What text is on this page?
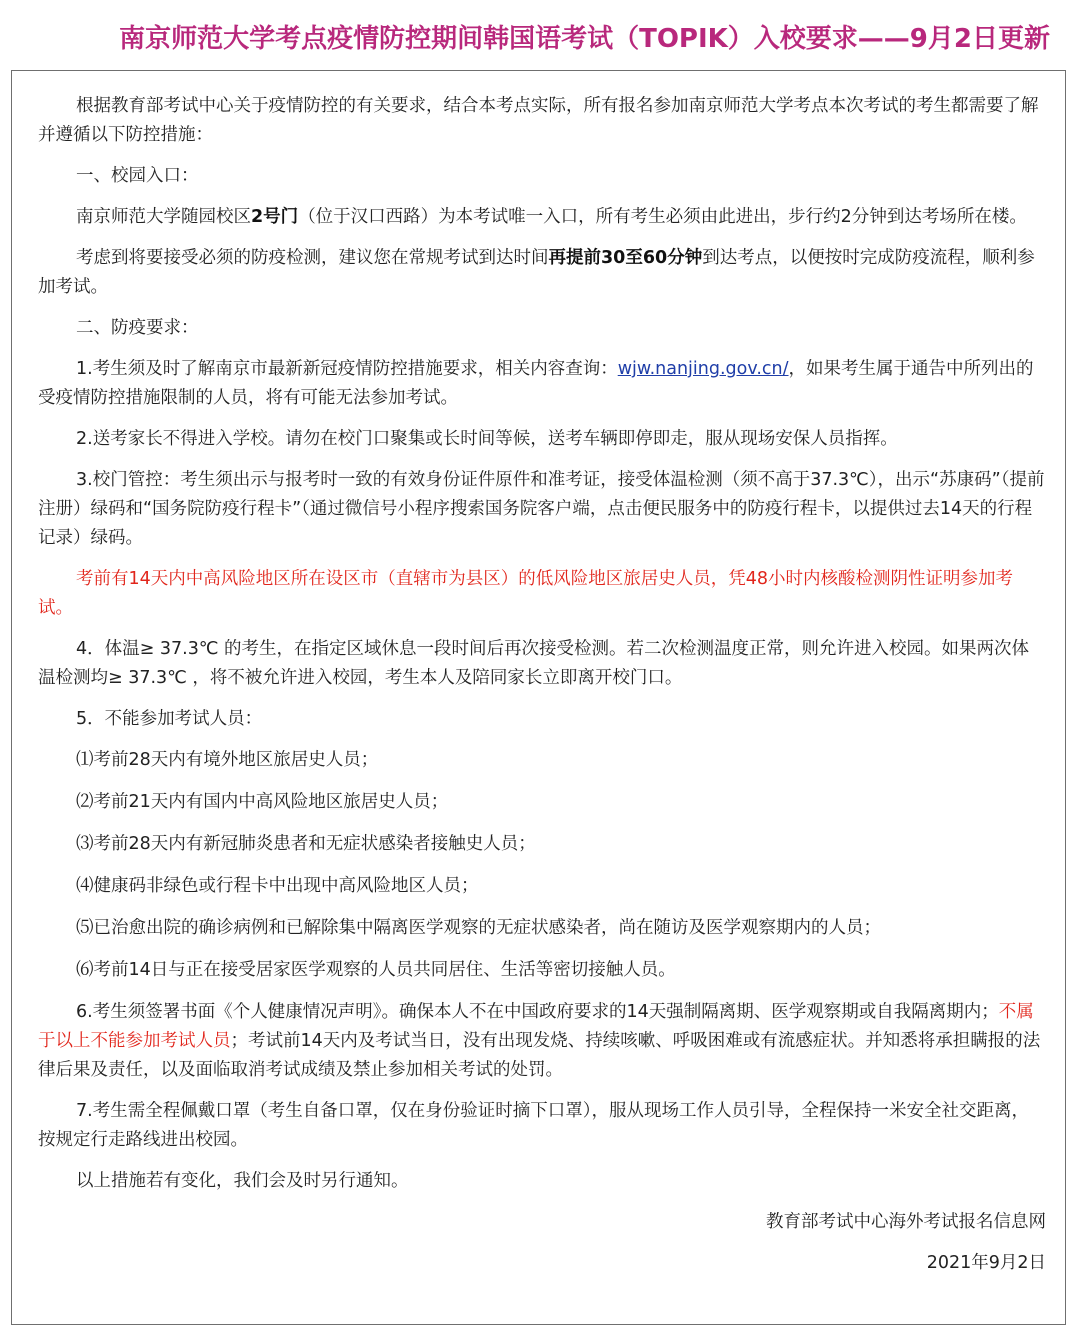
南京师范大学考点疫情防控期间韩国语考试（TOPIK）入校要求——9月2日更新

根据教育部考试中心关于疫情防控的有关要求，结合本考点实际，所有报名参加南京师范大学考点本次考试的考生都需要了解并遵循以下防控措施：

一、校园入口：

南京师范大学随园校区2号门（位于汉口西路）为本考试唯一入口，所有考生必须由此进出，步行约2分钟到达考场所在楼。

考虑到将要接受必须的防疫检测，建议您在常规考试到达时间再提前30至60分钟到达考点，以便按时完成防疫流程，顺利参加考试。

二、防疫要求：

1.考生须及时了解南京市最新新冠疫情防控措施要求，相关内容查询：wjw.nanjing.gov.cn/，如果考生属于通告中所列出的受疫情防控措施限制的人员，将有可能无法参加考试。

2.送考家长不得进入学校。请勿在校门口聚集或长时间等候，送考车辆即停即走，服从现场安保人员指挥。

3.校门管控：考生须出示与报考时一致的有效身份证件原件和准考证，接受体温检测（须不高于37.3℃），出示“苏康码”（提前注册）绿码和“国务院防疫行程卡”（通过微信号小程序搜索国务院客户端，点击便民服务中的防疫行程卡，以提供过去14天的行程记录）绿码。

考前有14天内中高风险地区所在设区市（直辖市为县区）的低风险地区旅居史人员，凭48小时内核酸检测阴性证明参加考试。

4．体温≥ 37.3℃ 的考生，在指定区域休息一段时间后再次接受检测。若二次检测温度正常，则允许进入校园。如果两次体温检测均≥ 37.3℃ ，将不被允许进入校园，考生本人及陪同家长立即离开校门口。

5．不能参加考试人员：

⑴考前28天内有境外地区旅居史人员；

⑵考前21天内有国内中高风险地区旅居史人员；

⑶考前28天内有新冠肺炎患者和无症状感染者接触史人员；

⑷健康码非绿色或行程卡中出现中高风险地区人员；

⑸已治愈出院的确诊病例和已解除集中隔离医学观察的无症状感染者，尚在随访及医学观察期内的人员；

⑹考前14日与正在接受居家医学观察的人员共同居住、生活等密切接触人员。

6.考生须签署书面《个人健康情况声明》。确保本人不在中国政府要求的14天强制隔离期、医学观察期或自我隔离期内；不属于以上不能参加考试人员；考试前14天内及考试当日，没有出现发烧、持续咳嗽、呼吸困难或有流感症状。并知悉将承担瞒报的法律后果及责任，以及面临取消考试成绩及禁止参加相关考试的处罚。

7.考生需全程佩戴口罩（考生自备口罩，仅在身份验证时摘下口罩），服从现场工作人员引导，全程保持一米安全社交距离，按规定行走路线进出校园。

以上措施若有变化，我们会及时另行通知。

教育部考试中心海外考试报名信息网

2021年9月2日
